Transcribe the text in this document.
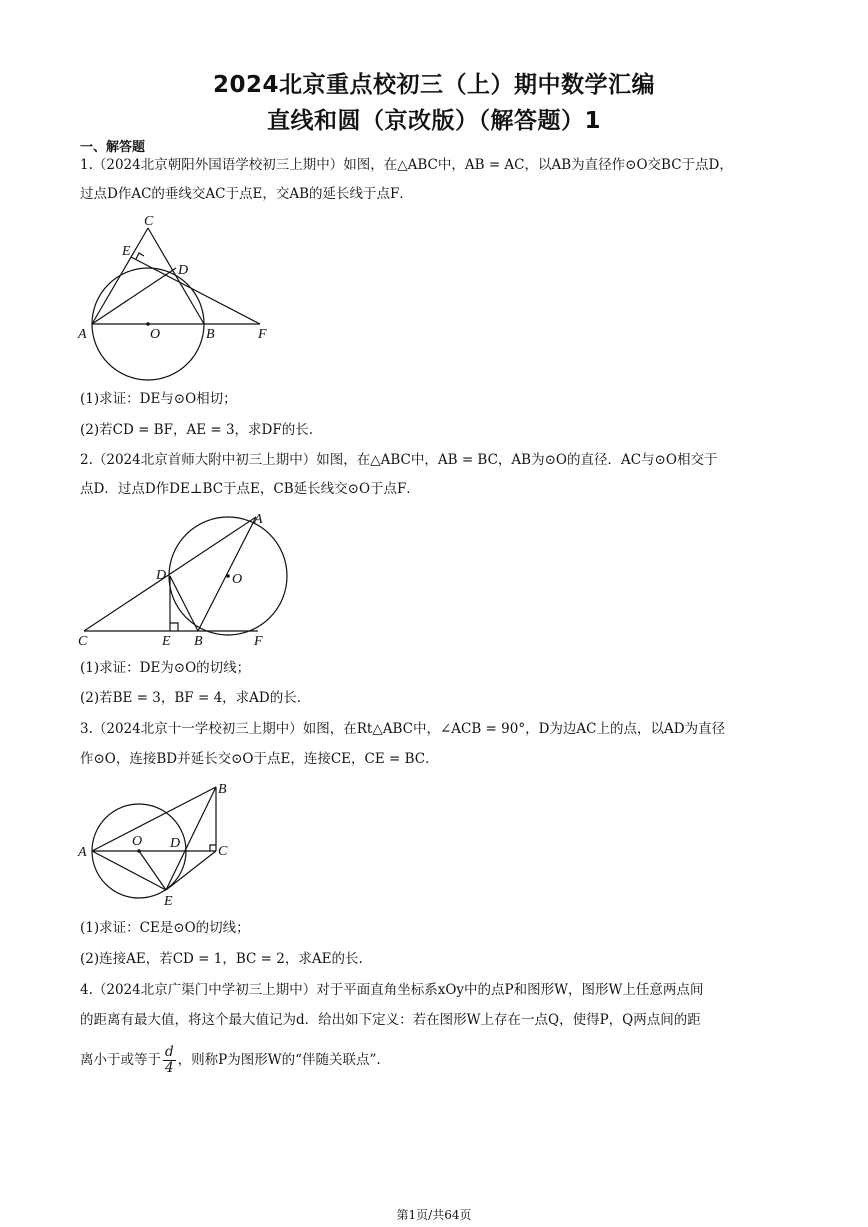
2024北京重点校初三（上）期中数学汇编
直线和圆（京改版）（解答题）1
一、解答题
1.（2024北京朝阳外国语学校初三上期中）如图，在△ABC中，AB = AC，以AB为直径作⊙O交BC于点D，
过点D作AC的垂线交AC于点E，交AB的延长线于点F．
C
E
D
A	O	B	F
(1)求证：DE与⊙O相切；
(2)若CD = BF，AE = 3，求DF的长.
2.（2024北京首师大附中初三上期中）如图，在△ABC中，AB = BC，AB为⊙O的直径．AC与⊙O相交于
点D．过点D作DE⊥BC于点E，CB延长线交⊙O于点F．
A
D	O
C	E B	F
(1)求证：DE为⊙O的切线；
(2)若BE = 3，BF = 4，求AD的长.
3.（2024北京十一学校初三上期中）如图，在Rt△ABC中，∠ACB = 90°，D为边AC上的点，以AD为直径
作⊙O，连接BD并延长交⊙O于点E，连接CE，CE = BC．
B
A
O D
C
E
(1)求证：CE是⊙O的切线；
(2)连接AE，若CD = 1，BC = 2，求AE的长.
4.（2024北京广渠门中学初三上期中）对于平面直角坐标系xOy中的点P和图形W，图形W上任意两点间
的距离有最大值，将这个最大值记为d．给出如下定义：若在图形W上存在一点Q，使得P，Q两点间的距
离小于或等于 $\frac{d}{4}$ ，则称P为图形W的“伴随关联点”.
第1页/共64页
